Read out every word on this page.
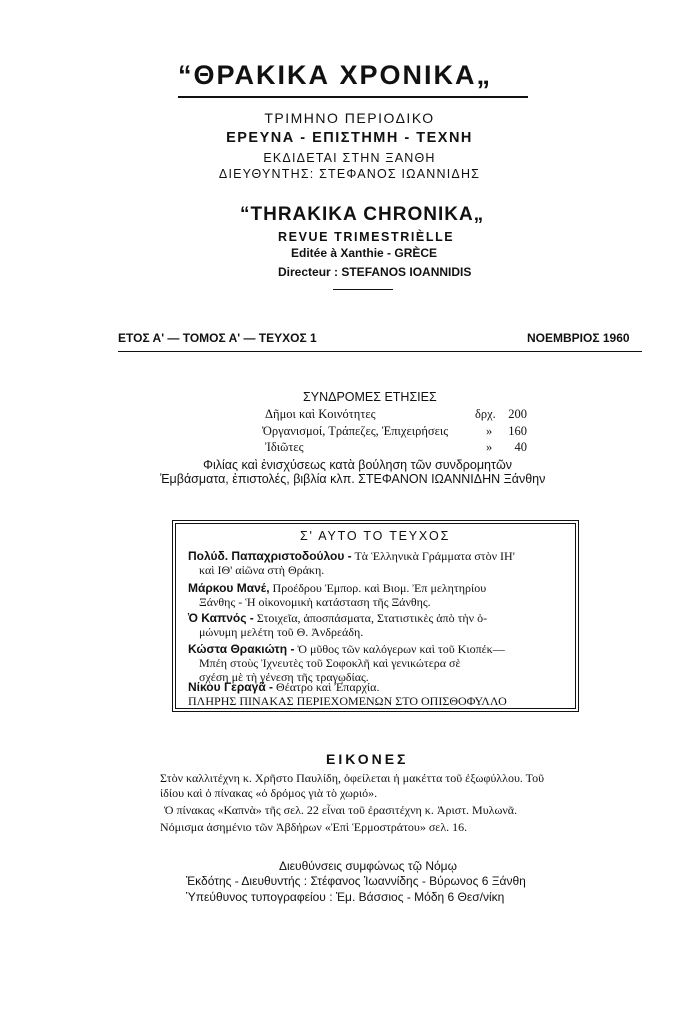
“ΘΡΑΚΙΚΑ ΧΡΟΝΙΚΑ„
ΤΡΙΜΗΝΟ ΠΕΡΙΟΔΙΚΟ
ΕΡΕΥΝΑ - ΕΠΙΣΤΗΜΗ - ΤΕΧΝΗ
ΕΚΔΙΔΕΤΑΙ ΣΤΗΝ ΞΑΝΘΗ
ΔΙΕΥΘΥΝΤΗΣ: ΣΤΕΦΑΝΟΣ ΙΩΑΝΝΙΔΗΣ
“THRAKIKA CHRONIKA„
REVUE TRIMESTRIÈLLE
Editée à Xanthie - GRÈCE
Directeur : STEFANOS IOANNIDIS
ΕΤΟΣ Α' — ΤΟΜΟΣ Α' — ΤΕΥΧΟΣ 1	ΝΟΕΜΒΡΙΟΣ 1960
ΣΥΝΔΡΟΜΕΣ ΕΤΗΣΙΕΣ
Δῆμοι καὶ Κοινότητες	δρχ. 200
Ὀργανισμοί, Τράπεζες, Ἐπιχειρήσεις	»	160
Ἰδιῶτες	»	40
Φιλίας καὶ ἐνισχύσεως κατὰ βούληση τῶν συνδρομητῶν
Ἐμβάσματα, ἐπιστολές, βιβλία κλπ. ΣΤΕΦΑΝΟΝ ΙΩΑΝΝΙΔΗΝ Ξάνθην
Σ' ΑΥΤΟ ΤΟ ΤΕΥΧΟΣ
Πολύδ. Παπαχριστοδούλου - Τὰ Ἑλληνικὰ Γράμματα στὸν ΙΗ'
καὶ ΙΘ' αἰῶνα στὴ Θράκη.
Μάρκου Μανέ, Προέδρου Ἐμπορ. καὶ Βιομ. Ἐπ μελητηρίου
Ξάνθης - Ἡ οἰκονομικὴ κατάσταση τῆς Ξάνθης.
Ὁ Καπνός - Στοιχεῖα, ἀποσπάσματα, Στατιστικὲς ἀπὸ τὴν ὁ-
μώνυμη μελέτη τοῦ Θ. Ἀνδρεάδη.
Κώστα Θρακιώτη - Ὁ μῦθος τῶν καλόγερων καὶ τοῦ Κιοπέκ—
Μπέη στοὺς Ἰχνευτὲς τοῦ Σοφοκλῆ καὶ γενικώτερα σὲ
σχέση μὲ τὴ γένεση τῆς τραγῳδίας.
Νίκου Γεραγᾶ - Θέατρο καὶ Ἐπαρχία.
ΠΛΗΡΗΣ ΠΙΝΑΚΑΣ ΠΕΡΙΕΧΟΜΕΝΩΝ ΣΤΟ ΟΠΙΣΘΟΦΥΛΛΟ
ΕΙΚΟΝΕΣ
Στὸν καλλιτέχνη κ. Χρῆστο Παυλίδη, ὀφείλεται ἡ μακέττα τοῦ ἐξωφύλλου. Τοῦ
ἰδίου καὶ ὁ πίνακας «ὁ δρόμος γιὰ τὸ χωριό».
Ὁ πίνακας «Καπνὰ» τῆς σελ. 22 εἶναι τοῦ ἐρασιτέχνη κ. Ἀριστ. Μυλωνᾶ.
Νόμισμα ἀσημένιο τῶν Ἀβδήρων «Ἐπὶ Ἑρμοστράτου» σελ. 16.
Διευθύνσεις συμφώνως τῷ Νόμῳ
Ἐκδότης - Διευθυντής : Στέφανος Ἰωαννίδης - Βύρωνος 6 Ξάνθη
Ὑπεύθυνος τυπογραφείου : Ἐμ. Βάσσιος - Μόδη 6 Θεσ/νίκη
